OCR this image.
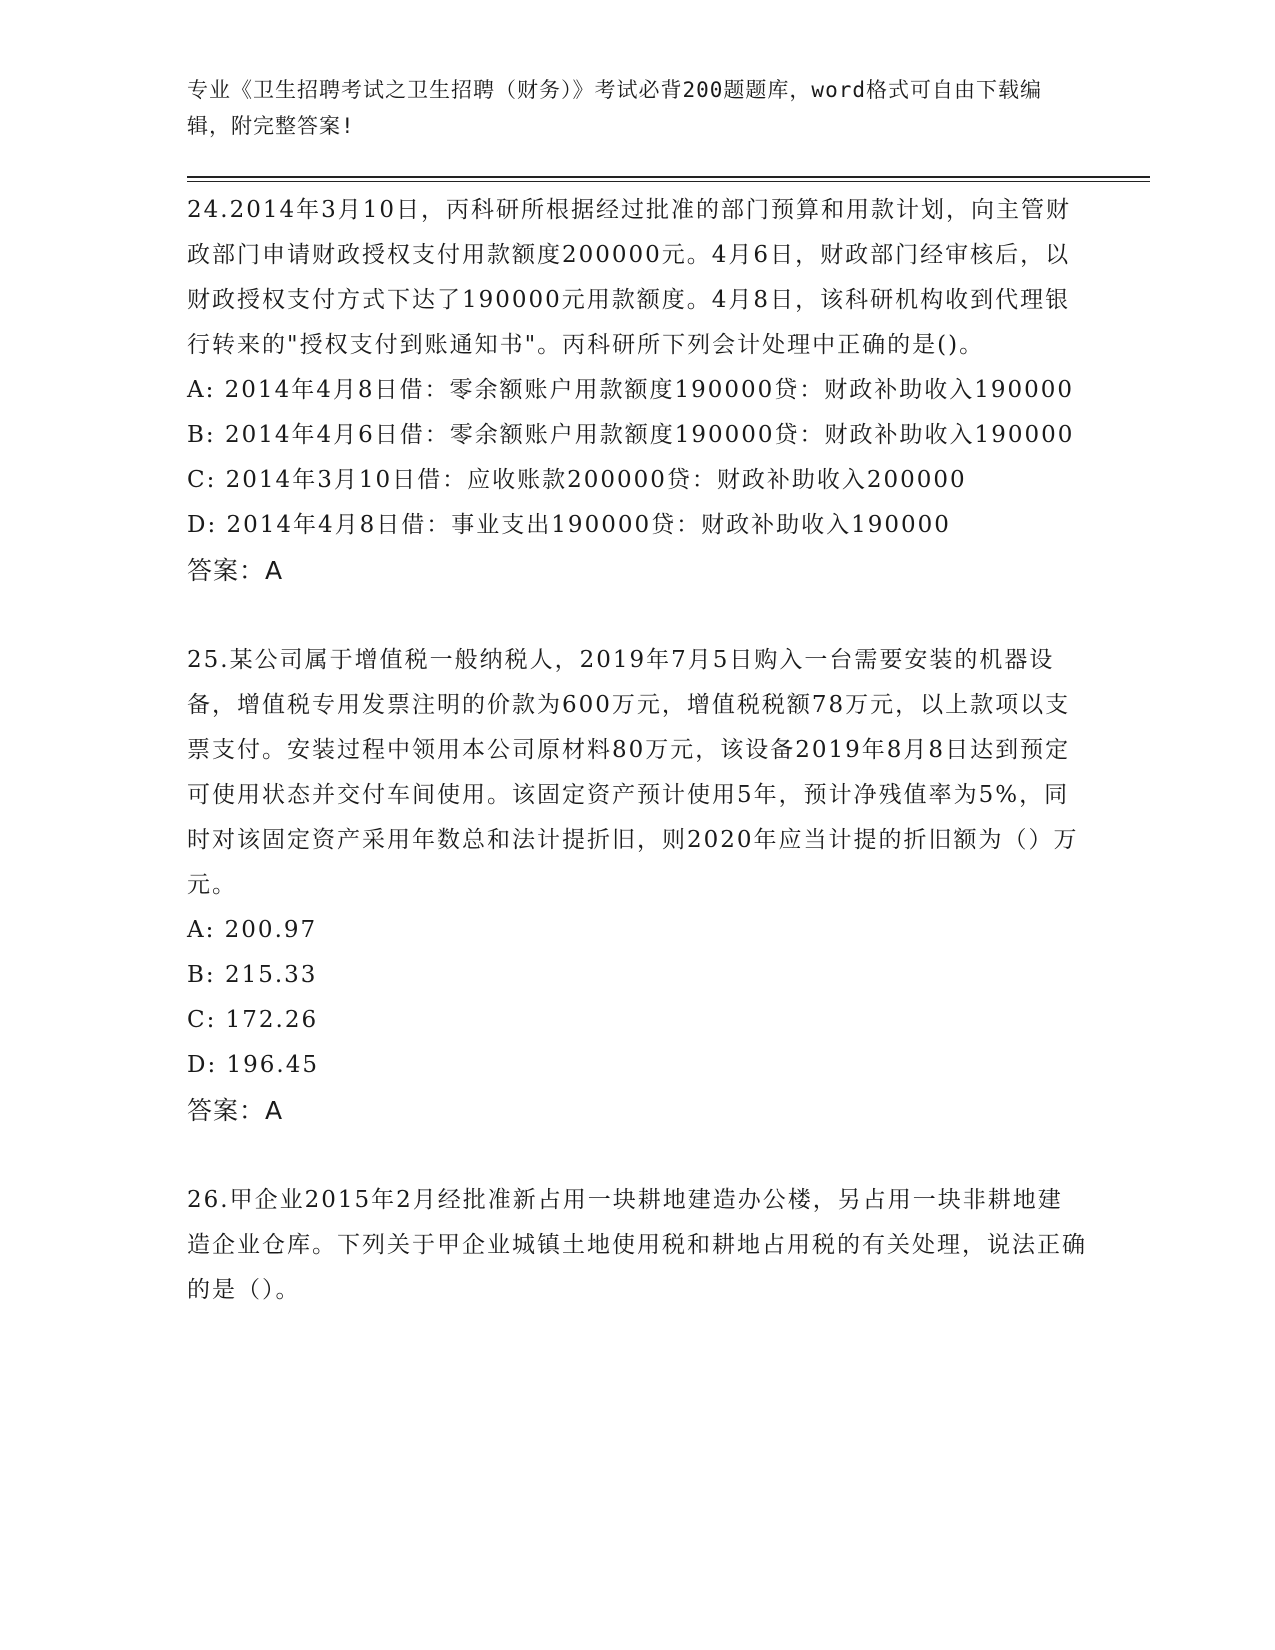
专业《卫生招聘考试之卫生招聘（财务）》考试必背200题题库，word格式可自由下载编辑，附完整答案!

24.2014年3月10日，丙科研所根据经过批准的部门预算和用款计划，向主管财政部门申请财政授权支付用款额度200000元。4月6日，财政部门经审核后，以财政授权支付方式下达了190000元用款额度。4月8日，该科研机构收到代理银行转来的"授权支付到账通知书"。丙科研所下列会计处理中正确的是()。

A: 2014年4月8日借：零余额账户用款额度190000贷：财政补助收入190000

B: 2014年4月6日借：零余额账户用款额度190000贷：财政补助收入190000

C: 2014年3月10日借：应收账款200000贷：财政补助收入200000

D: 2014年4月8日借：事业支出190000贷：财政补助收入190000

答案：A

25.某公司属于增值税一般纳税人，2019年7月5日购入一台需要安装的机器设备，增值税专用发票注明的价款为600万元，增值税税额78万元，以上款项以支票支付。安装过程中领用本公司原材料80万元，该设备2019年8月8日达到预定可使用状态并交付车间使用。该固定资产预计使用5年，预计净残值率为5%，同时对该固定资产采用年数总和法计提折旧，则2020年应当计提的折旧额为（）万元。

A: 200.97

B: 215.33

C: 172.26

D: 196.45

答案：A

26.甲企业2015年2月经批准新占用一块耕地建造办公楼，另占用一块非耕地建造企业仓库。下列关于甲企业城镇土地使用税和耕地占用税的有关处理，说法正确的是（）。
